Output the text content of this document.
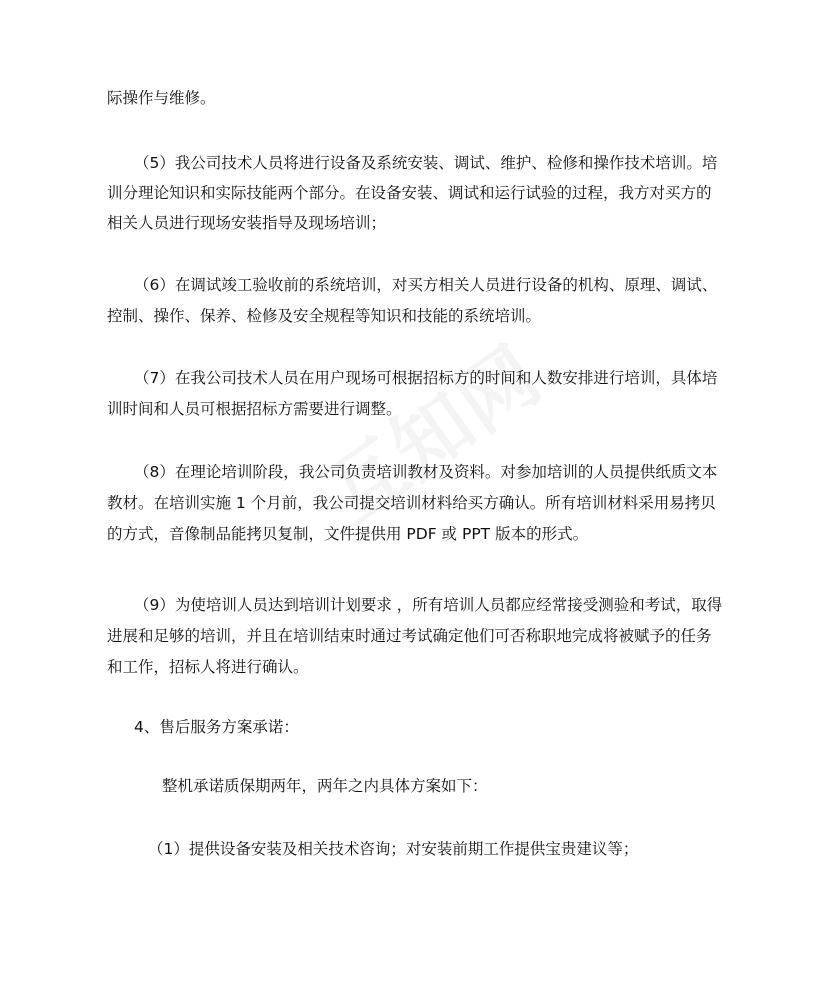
际操作与维修。
（5）我公司技术人员将进行设备及系统安装、调试、维护、检修和操作技术培训。培
训分理论知识和实际技能两个部分。在设备安装、调试和运行试验的过程，我方对买方的
相关人员进行现场安装指导及现场培训；
（6）在调试竣工验收前的系统培训，对买方相关人员进行设备的机构、原理、调试、
控制、操作、保养、检修及安全规程等知识和技能的系统培训。
（7）在我公司技术人员在用户现场可根据招标方的时间和人数安排进行培训，具体培
训时间和人员可根据招标方需要进行调整。
（8）在理论培训阶段，我公司负责培训教材及资料。对参加培训的人员提供纸质文本
教材。在培训实施 1 个月前，我公司提交培训材料给买方确认。所有培训材料采用易拷贝
的方式，音像制品能拷贝复制，文件提供用 PDF 或 PPT 版本的形式。
（9）为使培训人员达到培训计划要求 ，所有培训人员都应经常接受测验和考试，取得
进展和足够的培训，并且在培训结束时通过考试确定他们可否称职地完成将被赋予的任务
和工作，招标人将进行确认。
4、售后服务方案承诺：
整机承诺质保期两年，两年之内具体方案如下：
（1）提供设备安装及相关技术咨询；对安装前期工作提供宝贵建议等；
